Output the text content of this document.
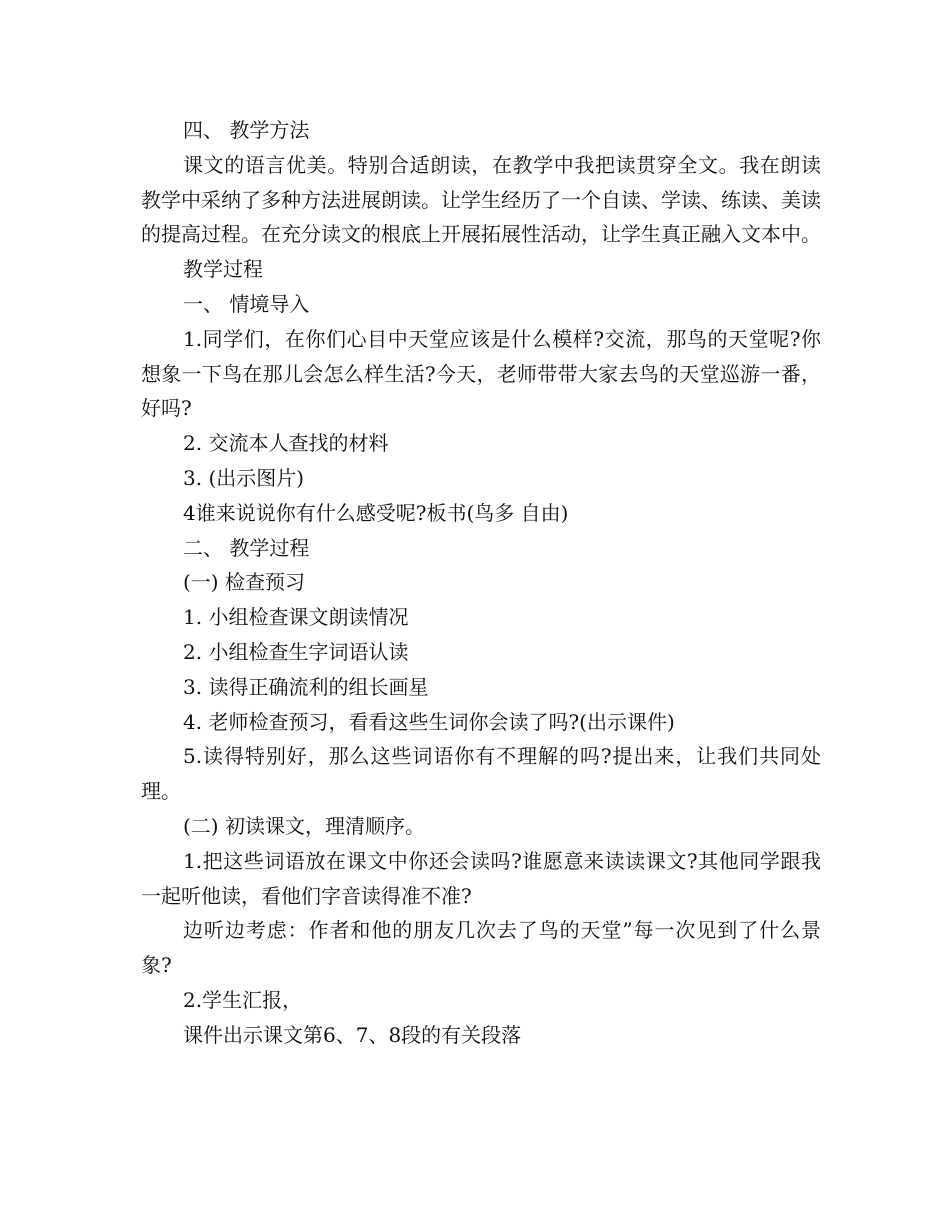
四、 教学方法

课文的语言优美。特别合适朗读，在教学中我把读贯穿全文。我在朗读教学中采纳了多种方法进展朗读。让学生经历了一个自读、学读、练读、美读的提高过程。在充分读文的根底上开展拓展性活动，让学生真正融入文本中。

教学过程

一、 情境导入

1.同学们，在你们心目中天堂应该是什么模样?交流，那鸟的天堂呢?你想象一下鸟在那儿会怎么样生活?今天，老师带带大家去鸟的天堂巡游一番，好吗?

2. 交流本人查找的材料

3. (出示图片)

4谁来说说你有什么感受呢?板书(鸟多 自由)

二、 教学过程

(一) 检查预习

1. 小组检查课文朗读情况

2. 小组检查生字词语认读

3. 读得正确流利的组长画星

4. 老师检查预习，看看这些生词你会读了吗?(出示课件)

5.读得特别好，那么这些词语你有不理解的吗?提出来，让我们共同处理。

(二) 初读课文，理清顺序。

1.把这些词语放在课文中你还会读吗?谁愿意来读读课文?其他同学跟我一起听他读，看他们字音读得准不准?

边听边考虑：作者和他的朋友几次去了鸟的天堂”每一次见到了什么景象?

2.学生汇报，

课件出示课文第6、7、8段的有关段落
